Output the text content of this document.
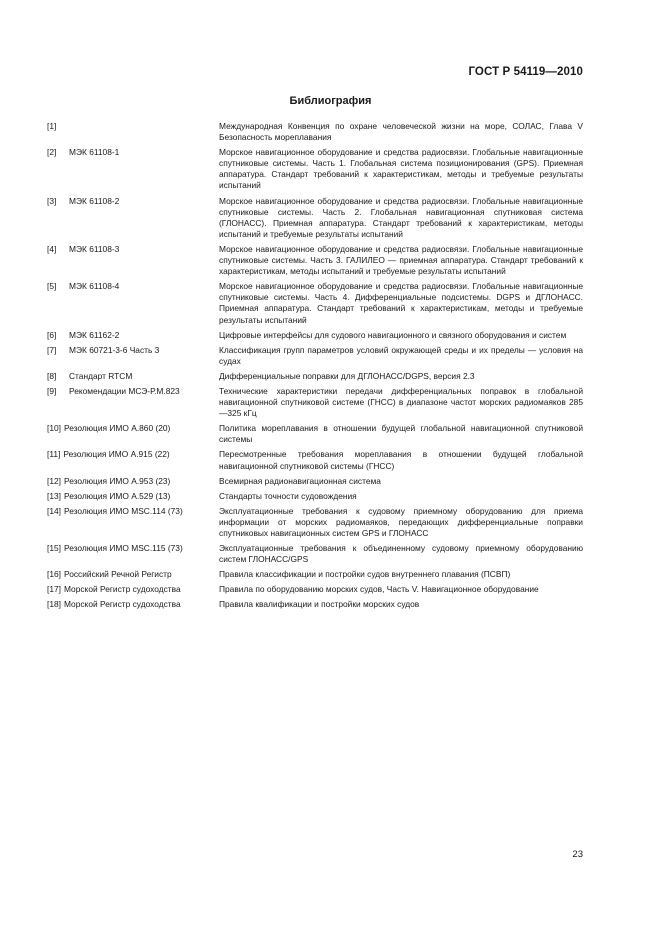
ГОСТ Р 54119—2010
Библиография
[1]	Международная Конвенция по охране человеческой жизни на море, СОЛАС, Глава V Безопасность мореплавания
[2] МЭК 61108-1	Морское навигационное оборудование и средства радиосвязи. Глобальные навигационные спутниковые системы. Часть 1. Глобальная система позиционирования (GPS). Приемная аппаратура. Стандарт требований к характеристикам, методы и требуемые результаты испытаний
[3] МЭК 61108-2	Морское навигационное оборудование и средства радиосвязи. Глобальные навигационные спутниковые системы. Часть 2. Глобальная навигационная спутниковая система (ГЛОНАСС). Приемная аппаратура. Стандарт требований к характеристикам, методы испытаний и требуемые результаты испытаний
[4] МЭК 61108-3	Морское навигационное оборудование и средства радиосвязи. Глобальные навигационные спутниковые системы. Часть 3. ГАЛИЛЕО — приемная аппаратура. Стандарт требований к характеристикам, методы испытаний и требуемые результаты испытаний
[5] МЭК 61108-4	Морское навигационное оборудование и средства радиосвязи. Глобальные навигационные спутниковые системы. Часть 4. Дифференциальные подсистемы. DGPS и ДГЛОНАСС. Приемная аппаратура. Стандарт требований к характеристикам, методы и требуемые результаты испытаний
[6] МЭК 61162-2	Цифровые интерфейсы для судового навигационного и связного оборудования и систем
[7] МЭК 60721-3-6 Часть 3	Классификация групп параметров условий окружающей среды и их пределы — условия на судах
[8] Стандарт RTCM	Дифференциальные поправки для ДГЛОНАСС/DGPS, версия 2.3
[9] Рекомендации МСЭ-Р.М.823	Технические характеристики передачи дифференциальных поправок в глобальной навигационной спутниковой системе (ГНСС) в диапазоне частот морских радиомаяков 285—325 кГц
[10] Резолюция ИМО А.860 (20)	Политика мореплавания в отношении будущей глобальной навигационной спутниковой системы
[11] Резолюция ИМО А.915 (22)	Пересмотренные требования мореплавания в отношении будущей глобальной навигационной спутниковой системы (ГНСС)
[12] Резолюция ИМО А.953 (23)	Всемирная радионавигационная система
[13] Резолюция ИМО А.529 (13)	Стандарты точности судовождения
[14] Резолюция ИМО MSC.114 (73)	Эксплуатационные требования к судовому приемному оборудованию для приема информации от морских радиомаяков, передающих дифференциальные поправки спутниковых навигационных систем GPS и ГЛОНАСС
[15] Резолюция ИМО MSC.115 (73)	Эксплуатационные требования к объединенному судовому приемному оборудованию систем ГЛОНАСС/GPS
[16] Российский Речной Регистр	Правила классификации и постройки судов внутреннего плавания (ПСВП)
[17] Морской Регистр судоходства	Правила по оборудованию морских судов, Часть V. Навигационное оборудование
[18] Морской Регистр судоходства	Правила квалификации и постройки морских судов
23
